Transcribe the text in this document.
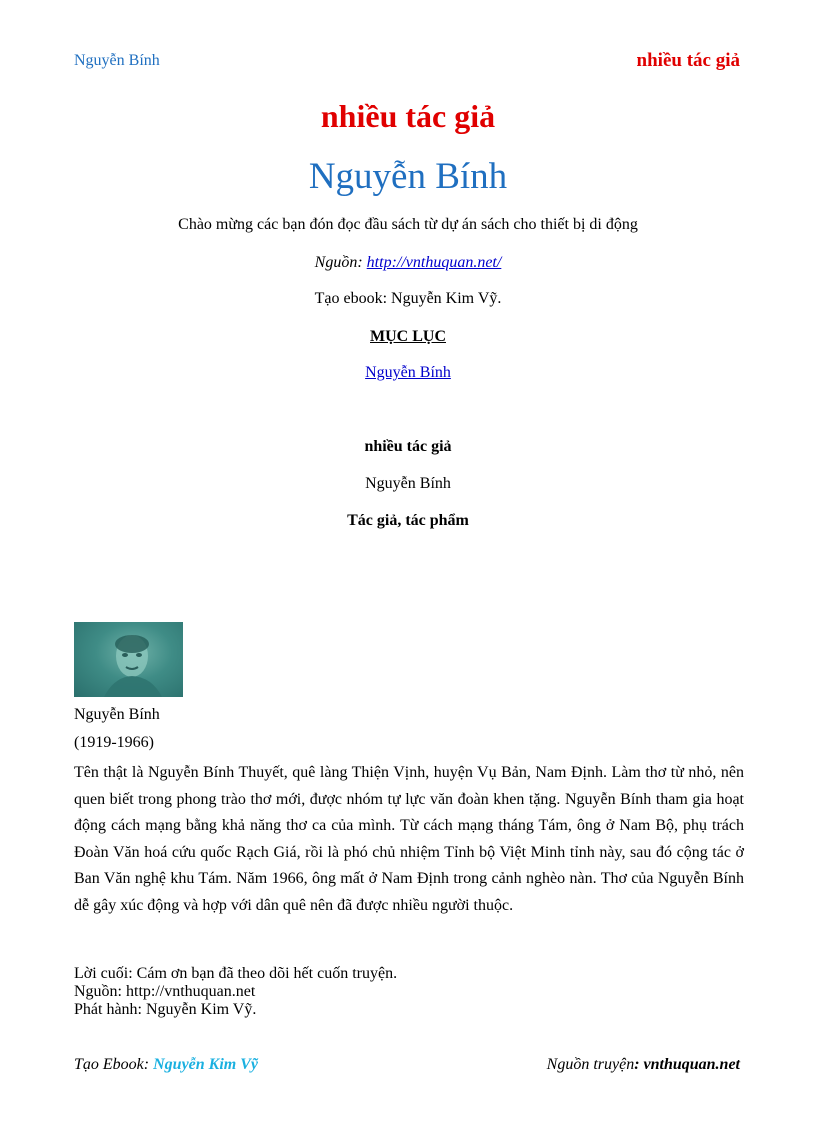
Nguyễn Bính	nhiều tác giả
nhiều tác giả
Nguyễn Bính
Chào mừng các bạn đón đọc đầu sách từ dự án sách cho thiết bị di động
Nguồn: http://vnthuquan.net/
Tạo ebook: Nguyễn Kim Vỹ.
MỤC LỤC
Nguyễn Bính
nhiều tác giả
Nguyễn Bính
Tác giả, tác phẩm
Nguyễn Bính
(1919-1966)
Tên thật là Nguyễn Bính Thuyết, quê làng Thiện Vịnh, huyện Vụ Bản, Nam Định. Làm thơ từ nhỏ, nên quen biết trong phong trào thơ mới, được nhóm tự lực văn đoàn khen tặng. Nguyễn Bính tham gia hoạt động cách mạng bằng khả năng thơ ca của mình. Từ cách mạng tháng Tám, ông ở Nam Bộ, phụ trách Đoàn Văn hoá cứu quốc Rạch Giá, rồi là phó chủ nhiệm Tỉnh bộ Việt Minh tỉnh này, sau đó cộng tác ở Ban Văn nghệ khu Tám. Năm 1966, ông mất ở Nam Định trong cảnh nghèo nàn. Thơ của Nguyễn Bính dễ gây xúc động và hợp với dân quê nên đã được nhiều người thuộc.
Lời cuối: Cám ơn bạn đã theo dõi hết cuốn truyện.
Nguồn: http://vnthuquan.net
Phát hành: Nguyễn Kim Vỹ.
Tạo Ebook: Nguyễn Kim Vỹ	Nguồn truyện: vnthuquan.net
